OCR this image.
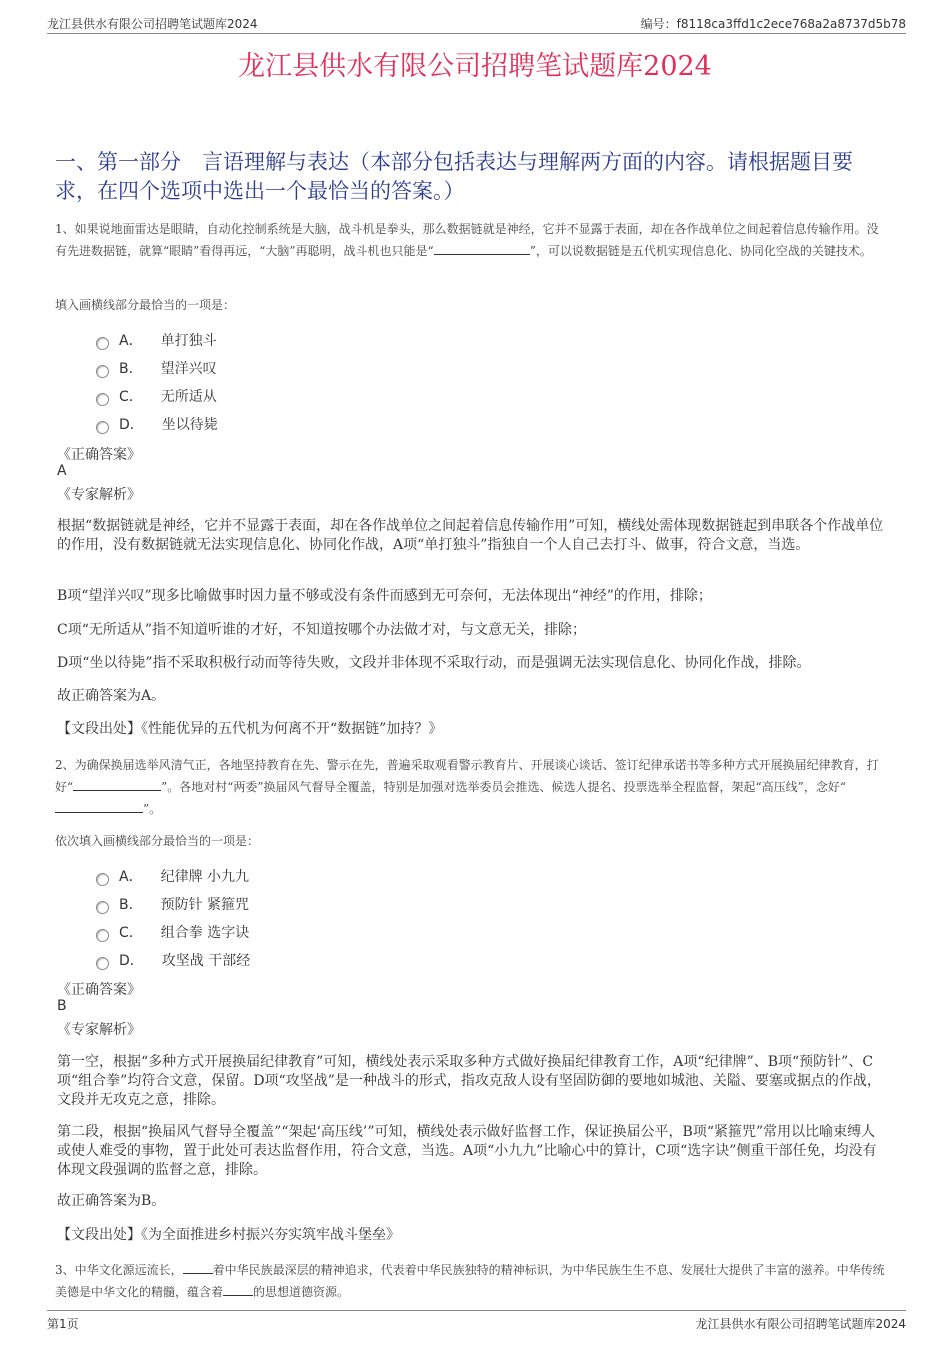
龙江县供水有限公司招聘笔试题库2024	编号：f8118ca3ffd1c2ece768a2a8737d5b78
龙江县供水有限公司招聘笔试题库2024
一、第一部分　言语理解与表达（本部分包括表达与理解两方面的内容。请根据题目要求，在四个选项中选出一个最恰当的答案。）
1、如果说地面雷达是眼睛，自动化控制系统是大脑，战斗机是拳头，那么数据链就是神经，它并不显露于表面，却在各作战单位之间起着信息传输作用。没有先进数据链，就算“眼睛”看得再远，“大脑”再聪明，战斗机也只能是“	”，可以说数据链是五代机实现信息化、协同化空战的关键技术。
填入画横线部分最恰当的一项是：
A． 单打独斗
B． 望洋兴叹
C． 无所适从
D． 坐以待毙
《正确答案》
A
《专家解析》
根据“数据链就是神经，它并不显露于表面，却在各作战单位之间起着信息传输作用”可知，横线处需体现数据链起到串联各个作战单位的作用，没有数据链就无法实现信息化、协同化作战，A项“单打独斗”指独自一个人自己去打斗、做事，符合文意，当选。
B项“望洋兴叹”现多比喻做事时因力量不够或没有条件而感到无可奈何，无法体现出“神经”的作用，排除；
C项“无所适从”指不知道听谁的才好，不知道按哪个办法做才对，与文意无关，排除；
D项“坐以待毙”指不采取积极行动而等待失败，文段并非体现不采取行动，而是强调无法实现信息化、协同化作战，排除。
故正确答案为A。
【文段出处】《性能优异的五代机为何离不开“数据链”加持？》
2、为确保换届选举风清气正，各地坚持教育在先、警示在先，普遍采取观看警示教育片、开展谈心谈话、签订纪律承诺书等多种方式开展换届纪律教育，打好“	”。各地对村“两委”换届风气督导全覆盖，特别是加强对选举委员会推选、候选人提名、投票选举全程监督，架起“高压线”，念好“”。
依次填入画横线部分最恰当的一项是：
A． 纪律牌 小九九
B． 预防针 紧箍咒
C． 组合拳 选字诀
D． 攻坚战 干部经
《正确答案》
B
《专家解析》
第一空，根据“多种方式开展换届纪律教育”可知，横线处表示采取多种方式做好换届纪律教育工作，A项“纪律牌”、B项“预防针”、C项“组合拳”均符合文意，保留。D项“攻坚战”是一种战斗的形式，指攻克敌人设有坚固防御的要地如城池、关隘、要塞或据点的作战，文段并无攻克之意，排除。
第二段，根据“换届风气督导全覆盖”“架起‘高压线’”可知，横线处表示做好监督工作，保证换届公平，B项“紧箍咒”常用以比喻束缚人或使人难受的事物，置于此处可表达监督作用，符合文意，当选。A项“小九九”比喻心中的算计，C项“选字诀”侧重干部任免，均没有体现文段强调的监督之意，排除。
故正确答案为B。
【文段出处】《为全面推进乡村振兴夯实筑牢战斗堡垒》
3、中华文化源远流长，	着中华民族最深层的精神追求，代表着中华民族独特的精神标识，为中华民族生生不息、发展壮大提供了丰富的滋养。中华传统美德是中华文化的精髓，蕴含着	的思想道德资源。
第1页	龙江县供水有限公司招聘笔试题库2024
